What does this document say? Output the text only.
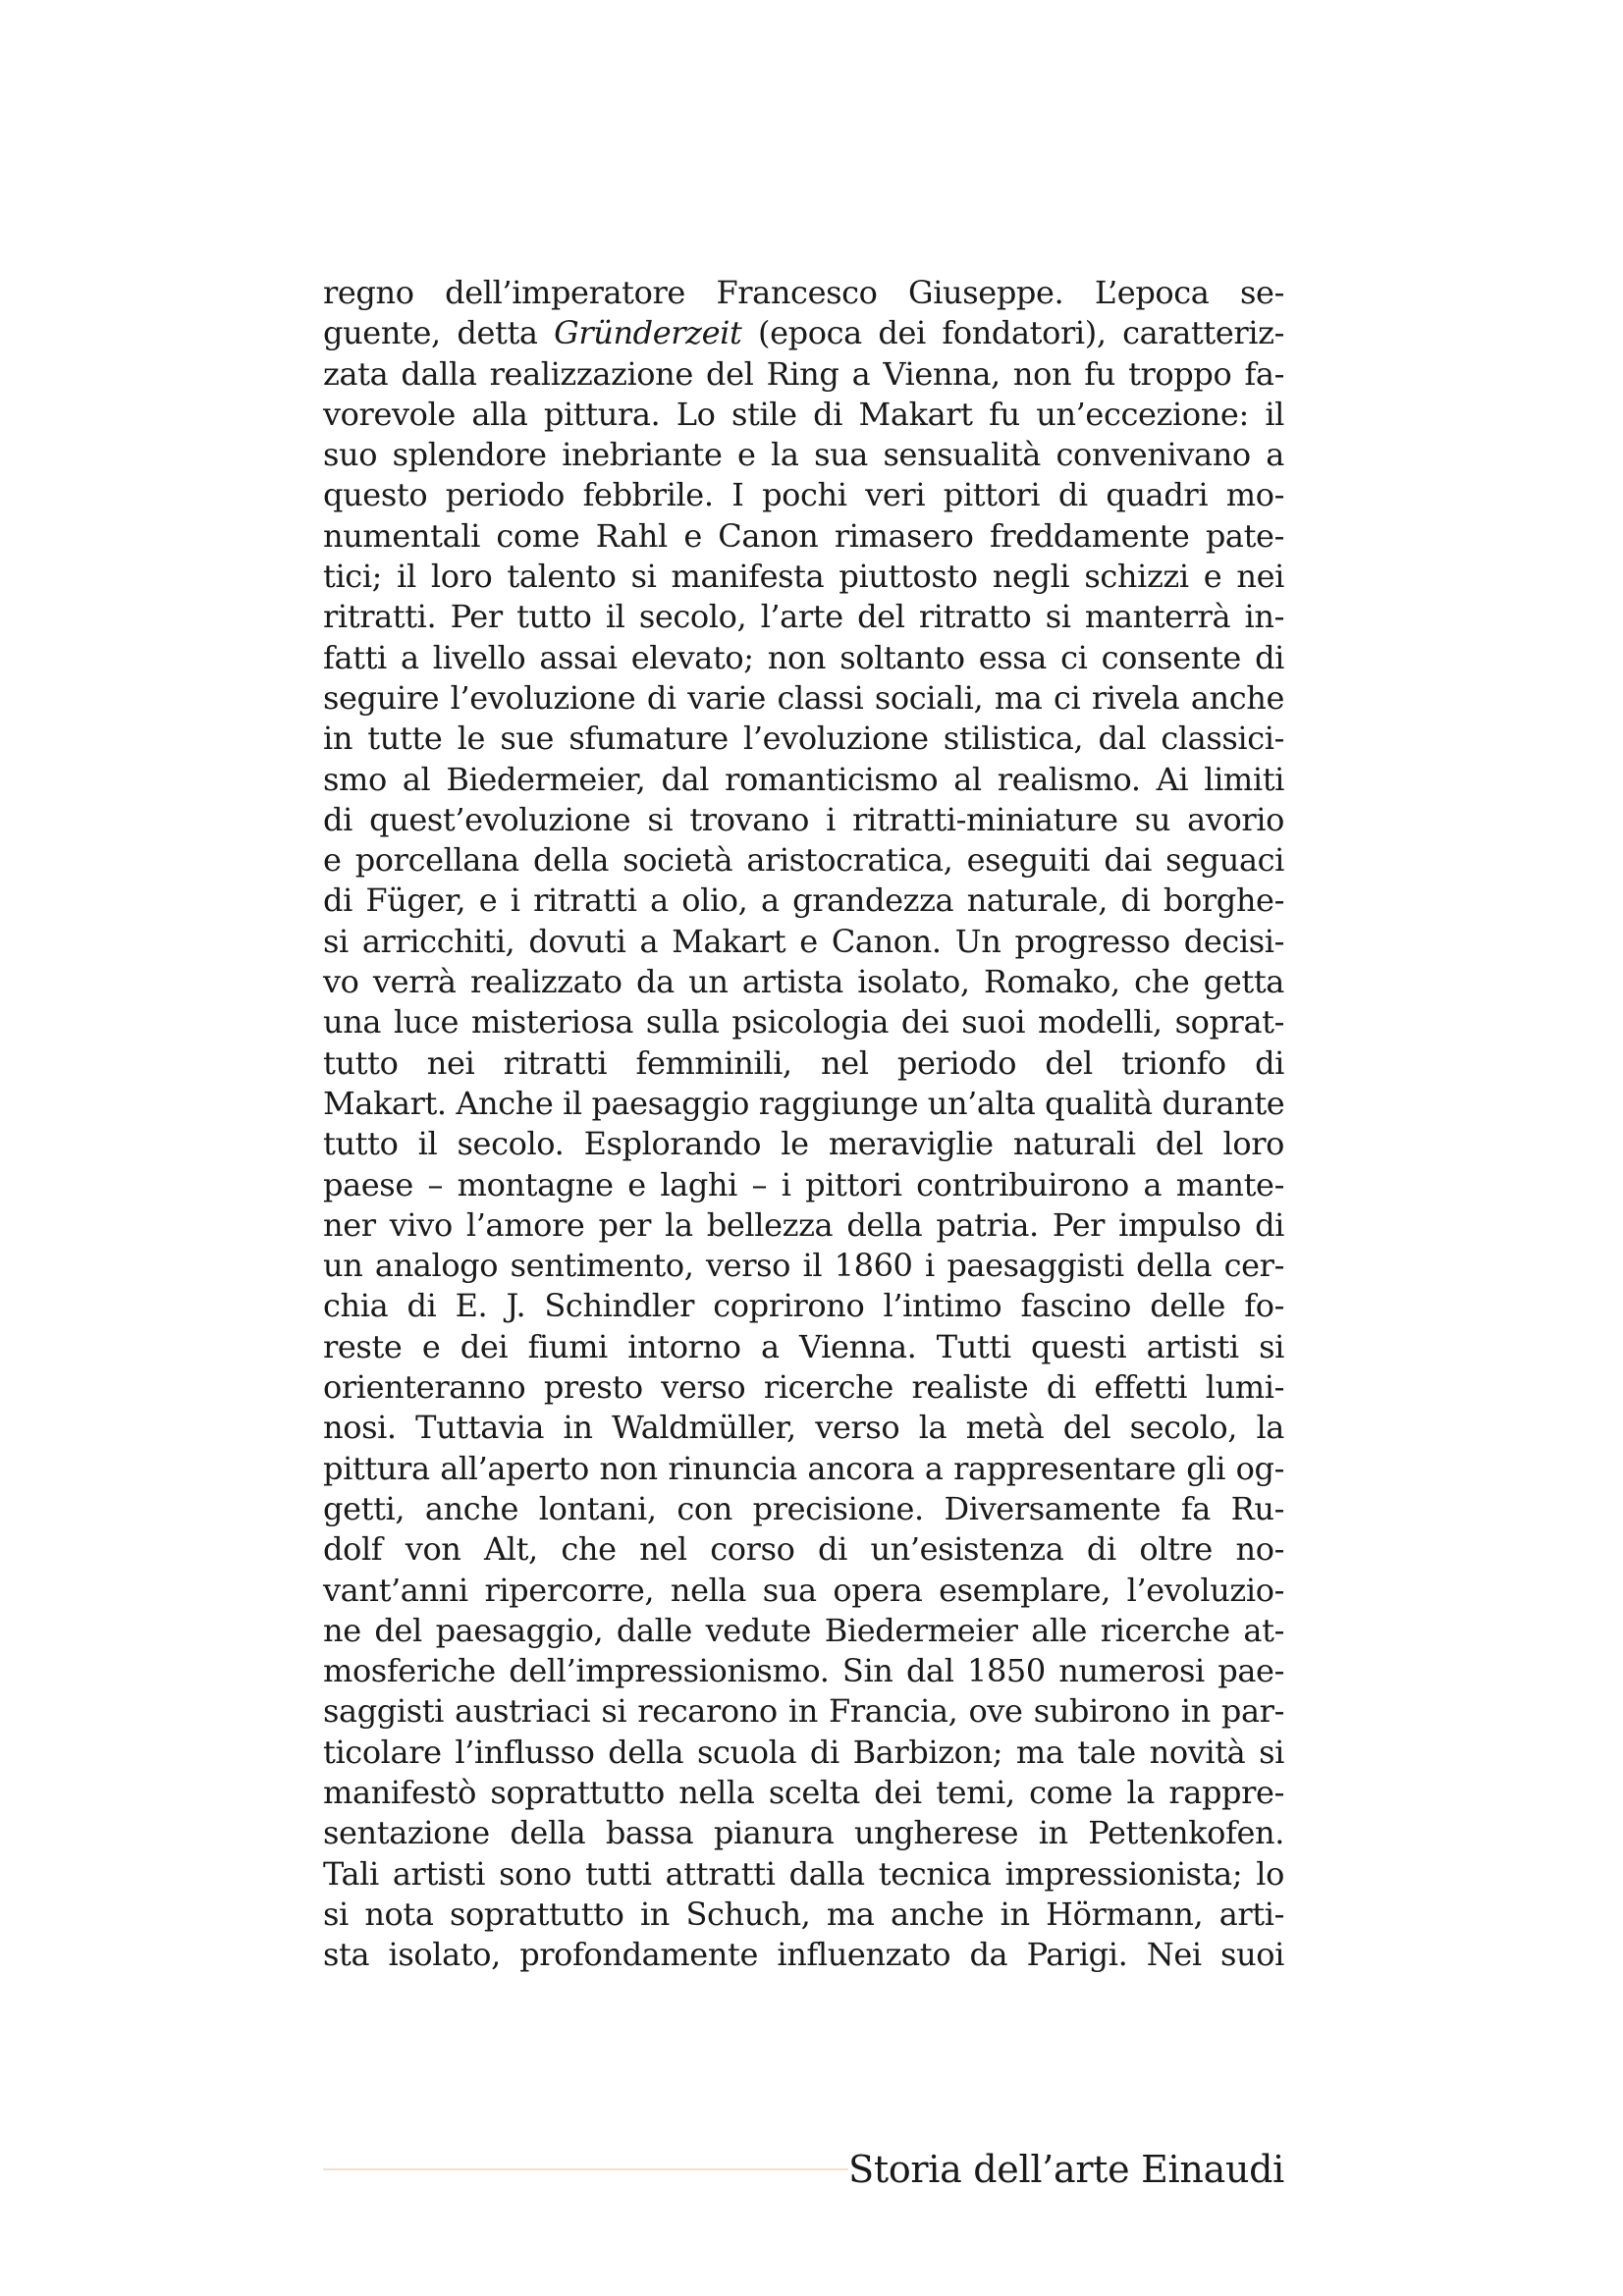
regno dell’imperatore Francesco Giuseppe. L’epoca se-
guente, detta Gründerzeit (epoca dei fondatori), caratteriz-
zata dalla realizzazione del Ring a Vienna, non fu troppo fa-
vorevole alla pittura. Lo stile di Makart fu un’eccezione: il
suo splendore inebriante e la sua sensualità convenivano a
questo periodo febbrile. I pochi veri pittori di quadri mo-
numentali come Rahl e Canon rimasero freddamente pate-
tici; il loro talento si manifesta piuttosto negli schizzi e nei
ritratti. Per tutto il secolo, l’arte del ritratto si manterrà in-
fatti a livello assai elevato; non soltanto essa ci consente di
seguire l’evoluzione di varie classi sociali, ma ci rivela anche
in tutte le sue sfumature l’evoluzione stilistica, dal classici-
smo al Biedermeier, dal romanticismo al realismo. Ai limiti
di quest’evoluzione si trovano i ritratti-miniature su avorio
e porcellana della società aristocratica, eseguiti dai seguaci
di Füger, e i ritratti a olio, a grandezza naturale, di borghe-
si arricchiti, dovuti a Makart e Canon. Un progresso decisi-
vo verrà realizzato da un artista isolato, Romako, che getta
una luce misteriosa sulla psicologia dei suoi modelli, soprat-
tutto nei ritratti femminili, nel periodo del trionfo di
Makart. Anche il paesaggio raggiunge un’alta qualità durante
tutto il secolo. Esplorando le meraviglie naturali del loro
paese – montagne e laghi – i pittori contribuirono a mante-
ner vivo l’amore per la bellezza della patria. Per impulso di
un analogo sentimento, verso il 1860 i paesaggisti della cer-
chia di E. J. Schindler coprirono l’intimo fascino delle fo-
reste e dei fiumi intorno a Vienna. Tutti questi artisti si
orienteranno presto verso ricerche realiste di effetti lumi-
nosi. Tuttavia in Waldmüller, verso la metà del secolo, la
pittura all’aperto non rinuncia ancora a rappresentare gli og-
getti, anche lontani, con precisione. Diversamente fa Ru-
dolf von Alt, che nel corso di un’esistenza di oltre no-
vant’anni ripercorre, nella sua opera esemplare, l’evoluzio-
ne del paesaggio, dalle vedute Biedermeier alle ricerche at-
mosferiche dell’impressionismo. Sin dal 1850 numerosi pae-
saggisti austriaci si recarono in Francia, ove subirono in par-
ticolare l’influsso della scuola di Barbizon; ma tale novità si
manifestò soprattutto nella scelta dei temi, come la rappre-
sentazione della bassa pianura ungherese in Pettenkofen.
Tali artisti sono tutti attratti dalla tecnica impressionista; lo
si nota soprattutto in Schuch, ma anche in Hörmann, arti-
sta isolato, profondamente influenzato da Parigi. Nei suoi
Storia dell’arte Einaudi
